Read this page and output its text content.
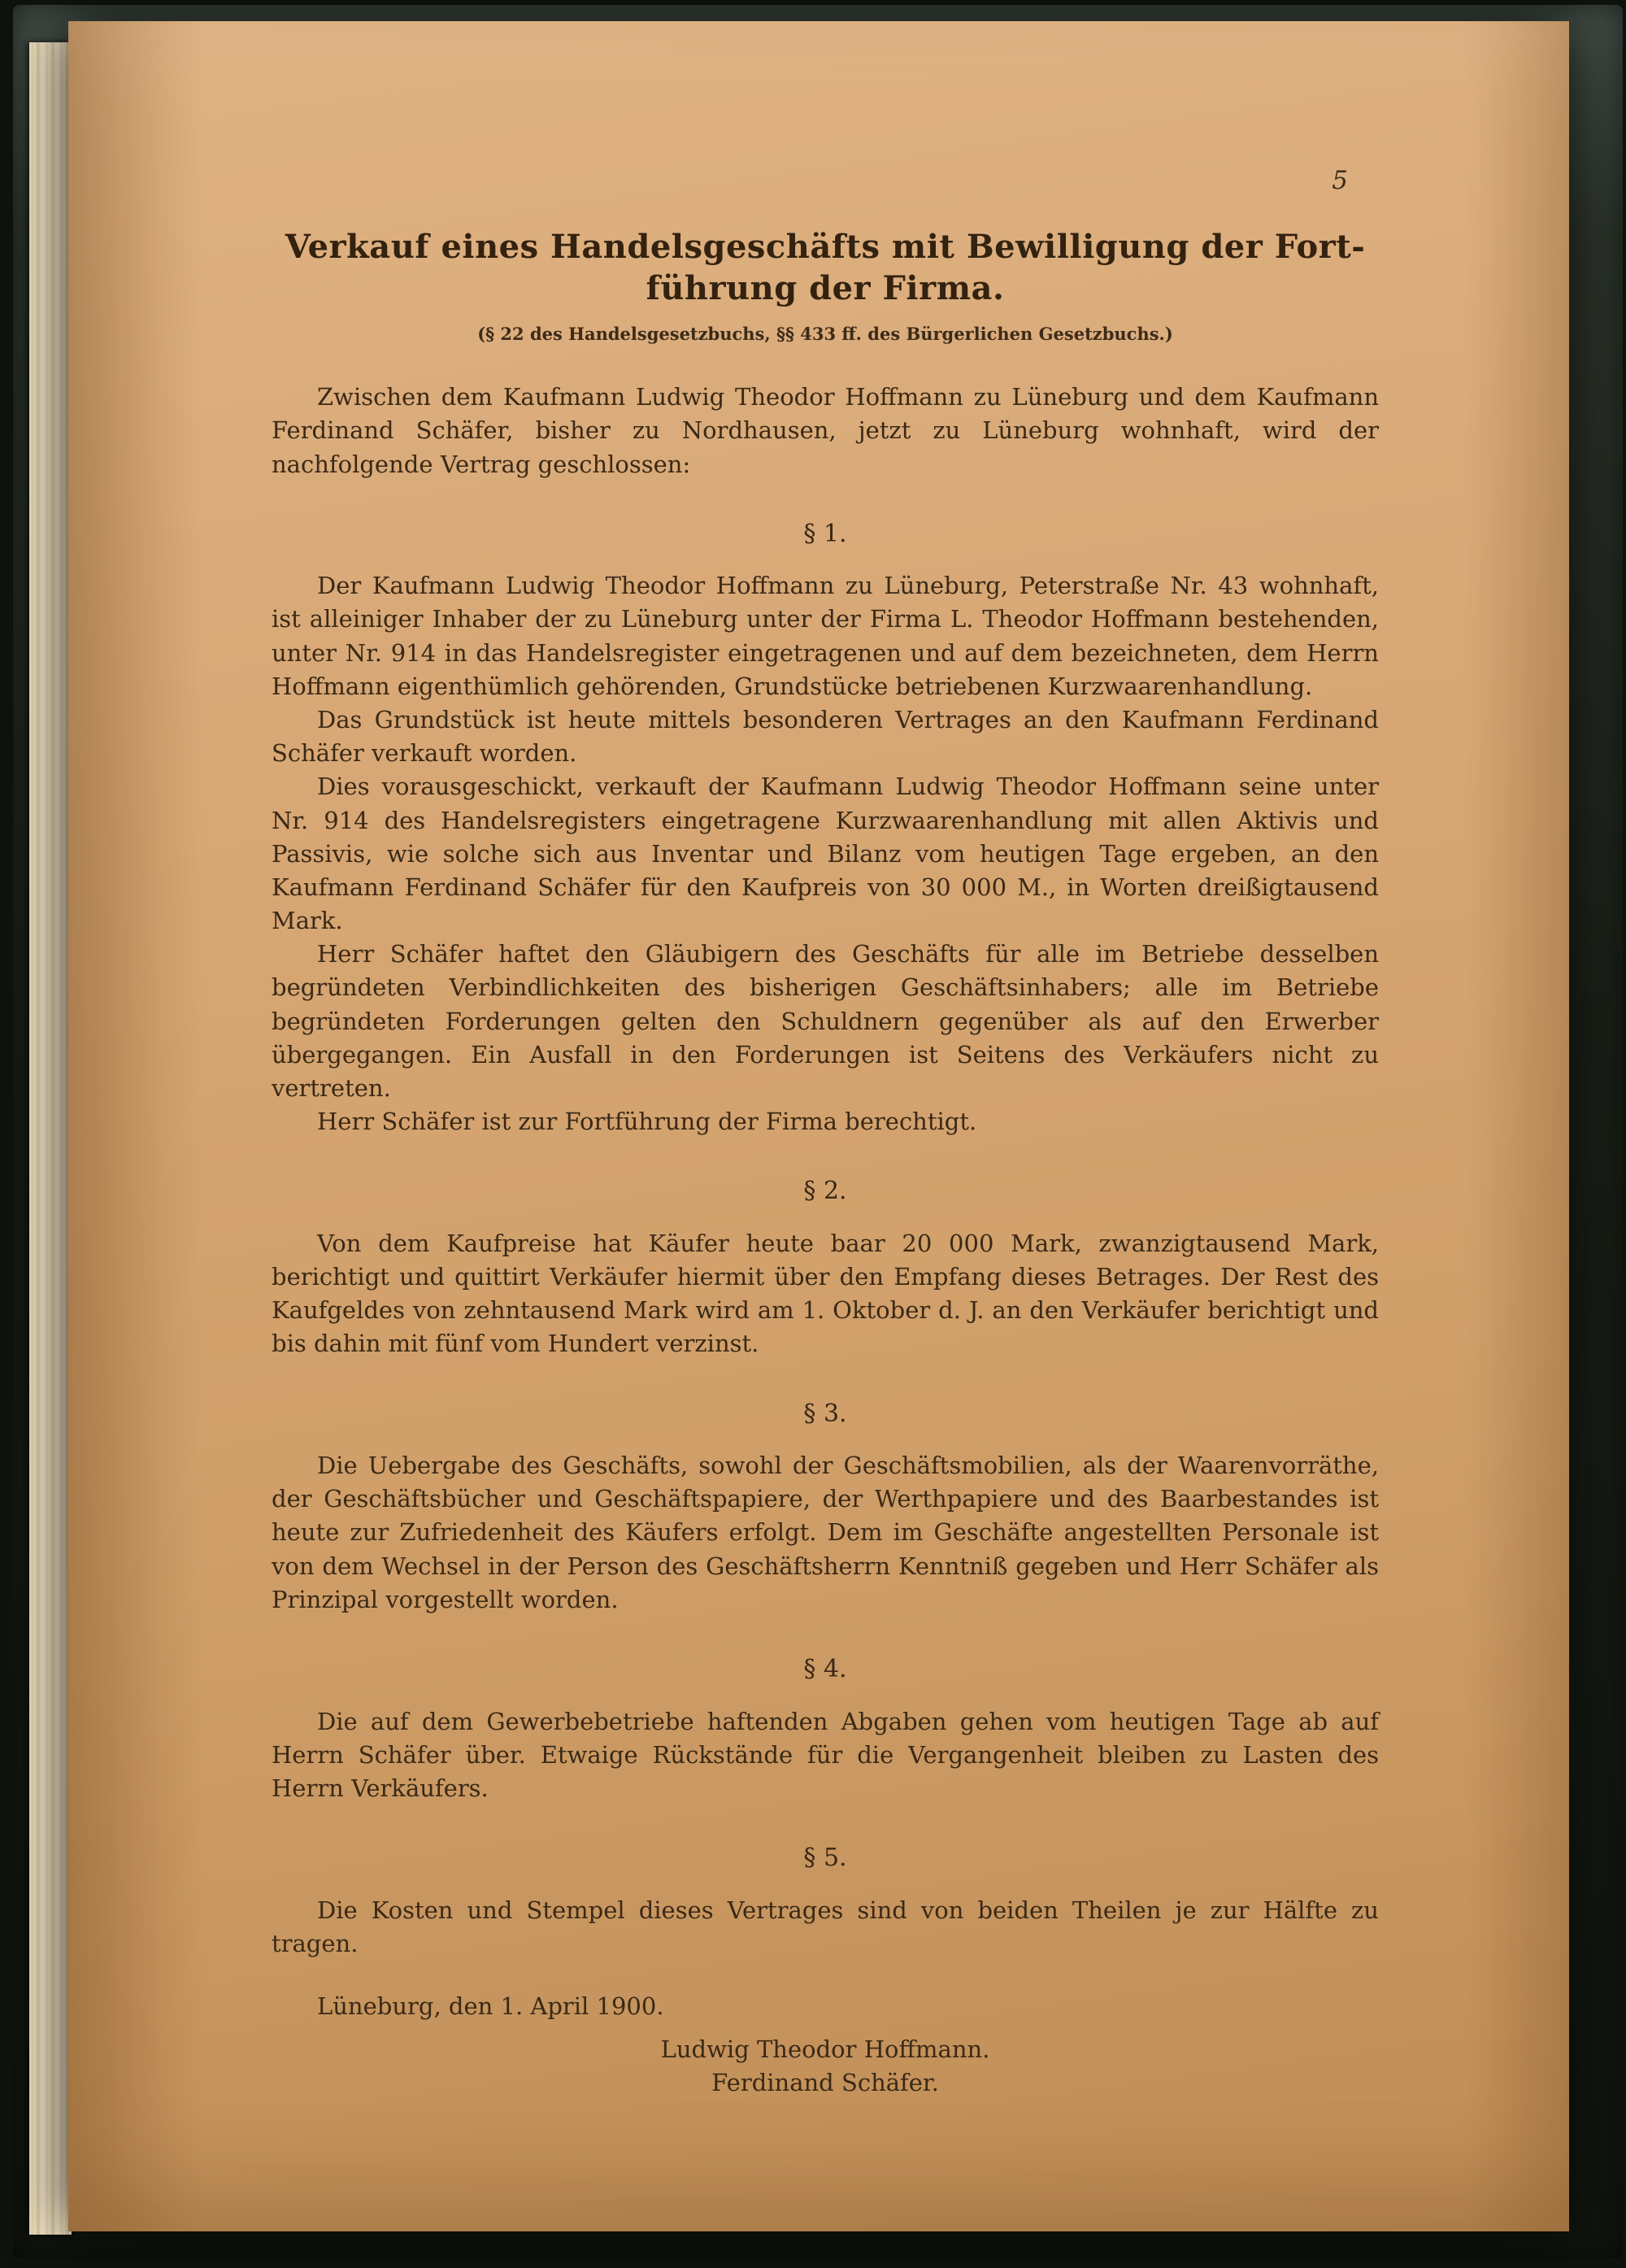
5
Verkauf eines Handelsgeschäfts mit Bewilligung der Fort-
führung der Firma.
(§ 22 des Handelsgesetzbuchs, §§ 433 ff. des Bürgerlichen Gesetzbuchs.)

Zwischen dem Kaufmann Ludwig Theodor Hoffmann zu Lüneburg und dem Kaufmann Ferdinand Schäfer, bisher zu Nordhausen, jetzt zu Lüneburg wohnhaft, wird der nachfolgende Vertrag geschlossen:

§ 1.

Der Kaufmann Ludwig Theodor Hoffmann zu Lüneburg, Peterstraße Nr. 43 wohnhaft, ist alleiniger Inhaber der zu Lüneburg unter der Firma L. Theodor Hoffmann bestehenden, unter Nr. 914 in das Handelsregister eingetragenen und auf dem bezeichneten, dem Herrn Hoffmann eigenthümlich gehörenden, Grundstücke betriebenen Kurzwaarenhandlung.

Das Grundstück ist heute mittels besonderen Vertrages an den Kaufmann Ferdinand Schäfer verkauft worden.

Dies vorausgeschickt, verkauft der Kaufmann Ludwig Theodor Hoffmann seine unter Nr. 914 des Handelsregisters eingetragene Kurzwaarenhandlung mit allen Aktivis und Passivis, wie solche sich aus Inventar und Bilanz vom heutigen Tage ergeben, an den Kaufmann Ferdinand Schäfer für den Kaufpreis von 30 000 M., in Worten dreißigtausend Mark.

Herr Schäfer haftet den Gläubigern des Geschäfts für alle im Betriebe desselben begründeten Verbindlichkeiten des bisherigen Geschäftsinhabers; alle im Betriebe begründeten Forderungen gelten den Schuldnern gegenüber als auf den Erwerber übergegangen. Ein Ausfall in den Forderungen ist Seitens des Verkäufers nicht zu vertreten.

Herr Schäfer ist zur Fortführung der Firma berechtigt.

§ 2.

Von dem Kaufpreise hat Käufer heute baar 20 000 Mark, zwanzigtausend Mark, berichtigt und quittirt Verkäufer hiermit über den Empfang dieses Betrages. Der Rest des Kaufgeldes von zehntausend Mark wird am 1. Oktober d. J. an den Verkäufer berichtigt und bis dahin mit fünf vom Hundert verzinst.

§ 3.

Die Uebergabe des Geschäfts, sowohl der Geschäftsmobilien, als der Waarenvorräthe, der Geschäftsbücher und Geschäftspapiere, der Werthpapiere und des Baarbestandes ist heute zur Zufriedenheit des Käufers erfolgt. Dem im Geschäfte angestellten Personale ist von dem Wechsel in der Person des Geschäftsherrn Kenntniß gegeben und Herr Schäfer als Prinzipal vorgestellt worden.

§ 4.

Die auf dem Gewerbebetriebe haftenden Abgaben gehen vom heutigen Tage ab auf Herrn Schäfer über. Etwaige Rückstände für die Vergangenheit bleiben zu Lasten des Herrn Verkäufers.

§ 5.

Die Kosten und Stempel dieses Vertrages sind von beiden Theilen je zur Hälfte zu tragen.

Lüneburg, den 1. April 1900.

Ludwig Theodor Hoffmann.
Ferdinand Schäfer.
